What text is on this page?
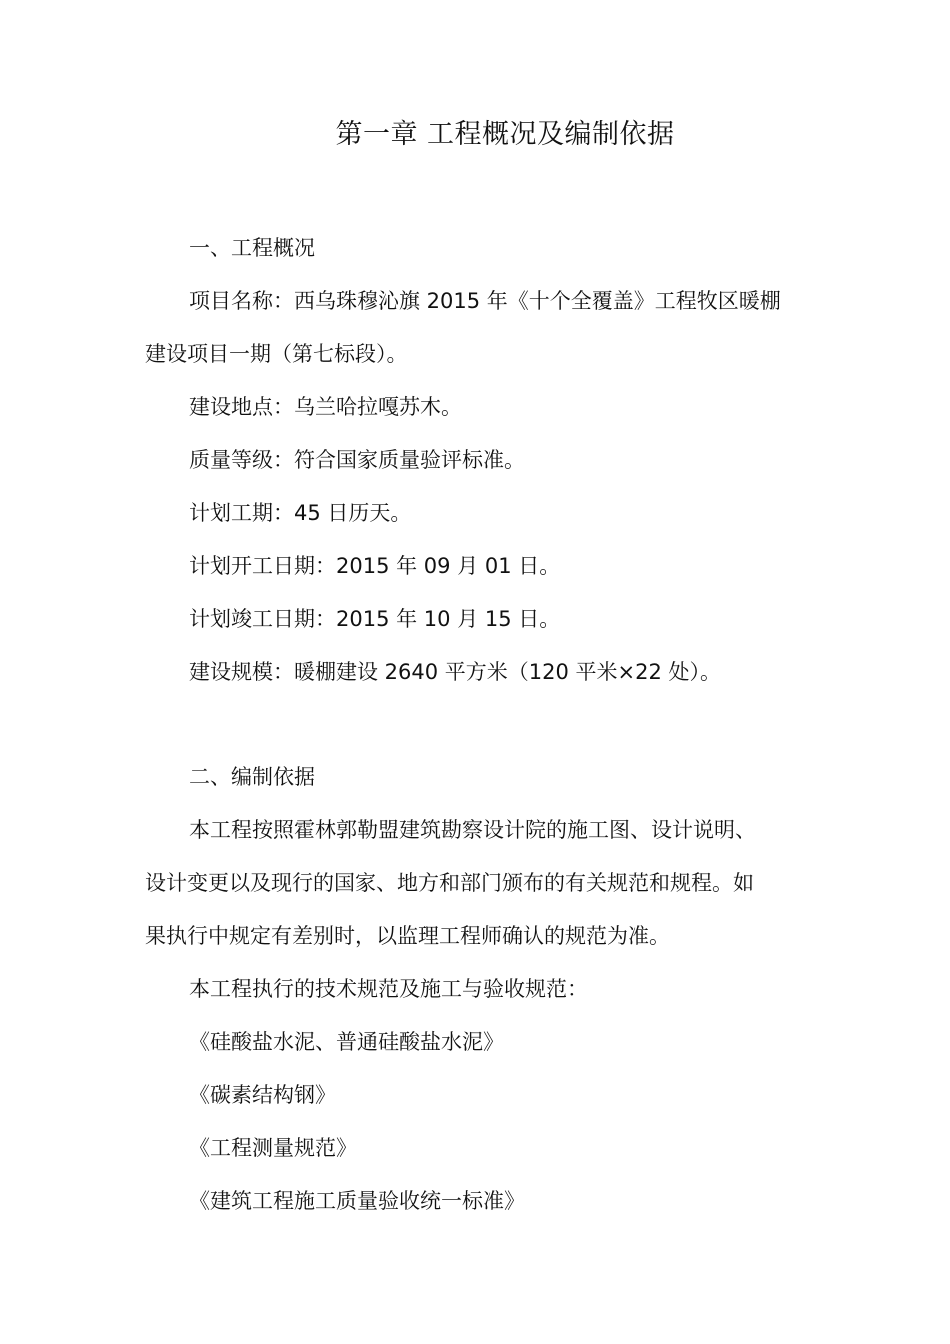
第一章 工程概况及编制依据

一、工程概况

项目名称：西乌珠穆沁旗 2015 年《十个全覆盖》工程牧区暖棚

建设项目一期（第七标段）。

建设地点：乌兰哈拉嘎苏木。

质量等级：符合国家质量验评标准。

计划工期：45 日历天。

计划开工日期：2015 年 09 月 01 日。

计划竣工日期：2015 年 10 月 15 日。

建设规模：暖棚建设 2640 平方米（120 平米×22 处）。

二、编制依据

本工程按照霍林郭勒盟建筑勘察设计院的施工图、设计说明、

设计变更以及现行的国家、地方和部门颁布的有关规范和规程。如

果执行中规定有差别时，以监理工程师确认的规范为准。

本工程执行的技术规范及施工与验收规范：

《硅酸盐水泥、普通硅酸盐水泥》

《碳素结构钢》

《工程测量规范》

《建筑工程施工质量验收统一标准》
